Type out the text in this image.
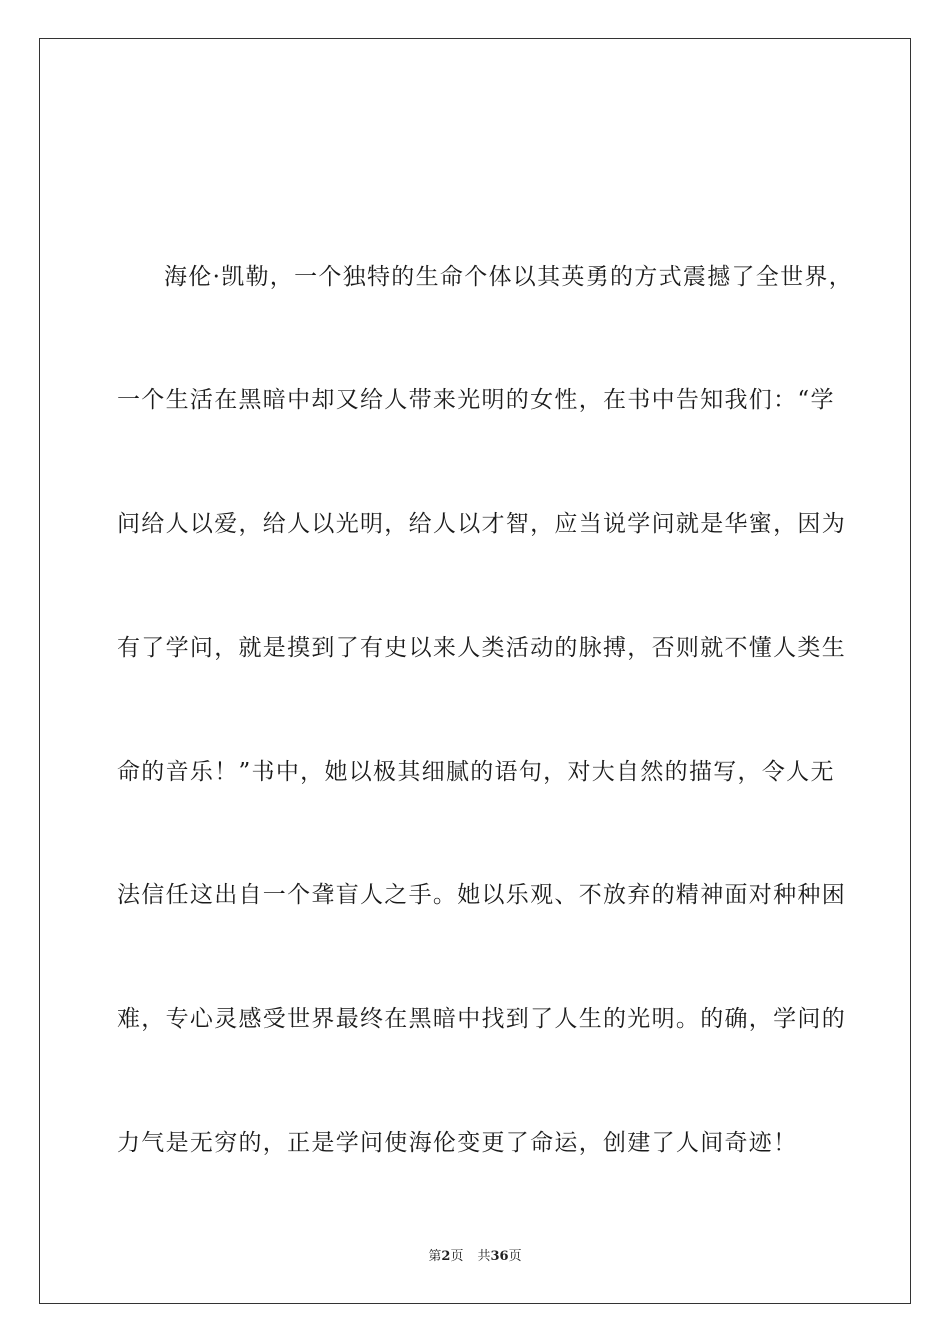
海伦·凯勒，一个独特的生命个体以其英勇的方式震撼了全世界，
一个生活在黑暗中却又给人带来光明的女性，在书中告知我们：“学
问给人以爱，给人以光明，给人以才智，应当说学问就是华蜜，因为
有了学问，就是摸到了有史以来人类活动的脉搏，否则就不懂人类生
命的音乐！”书中，她以极其细腻的语句，对大自然的描写，令人无
法信任这出自一个聋盲人之手。她以乐观、不放弃的精神面对种种困
难，专心灵感受世界最终在黑暗中找到了人生的光明。的确，学问的
力气是无穷的，正是学问使海伦变更了命运，创建了人间奇迹！
第2页 共36页
